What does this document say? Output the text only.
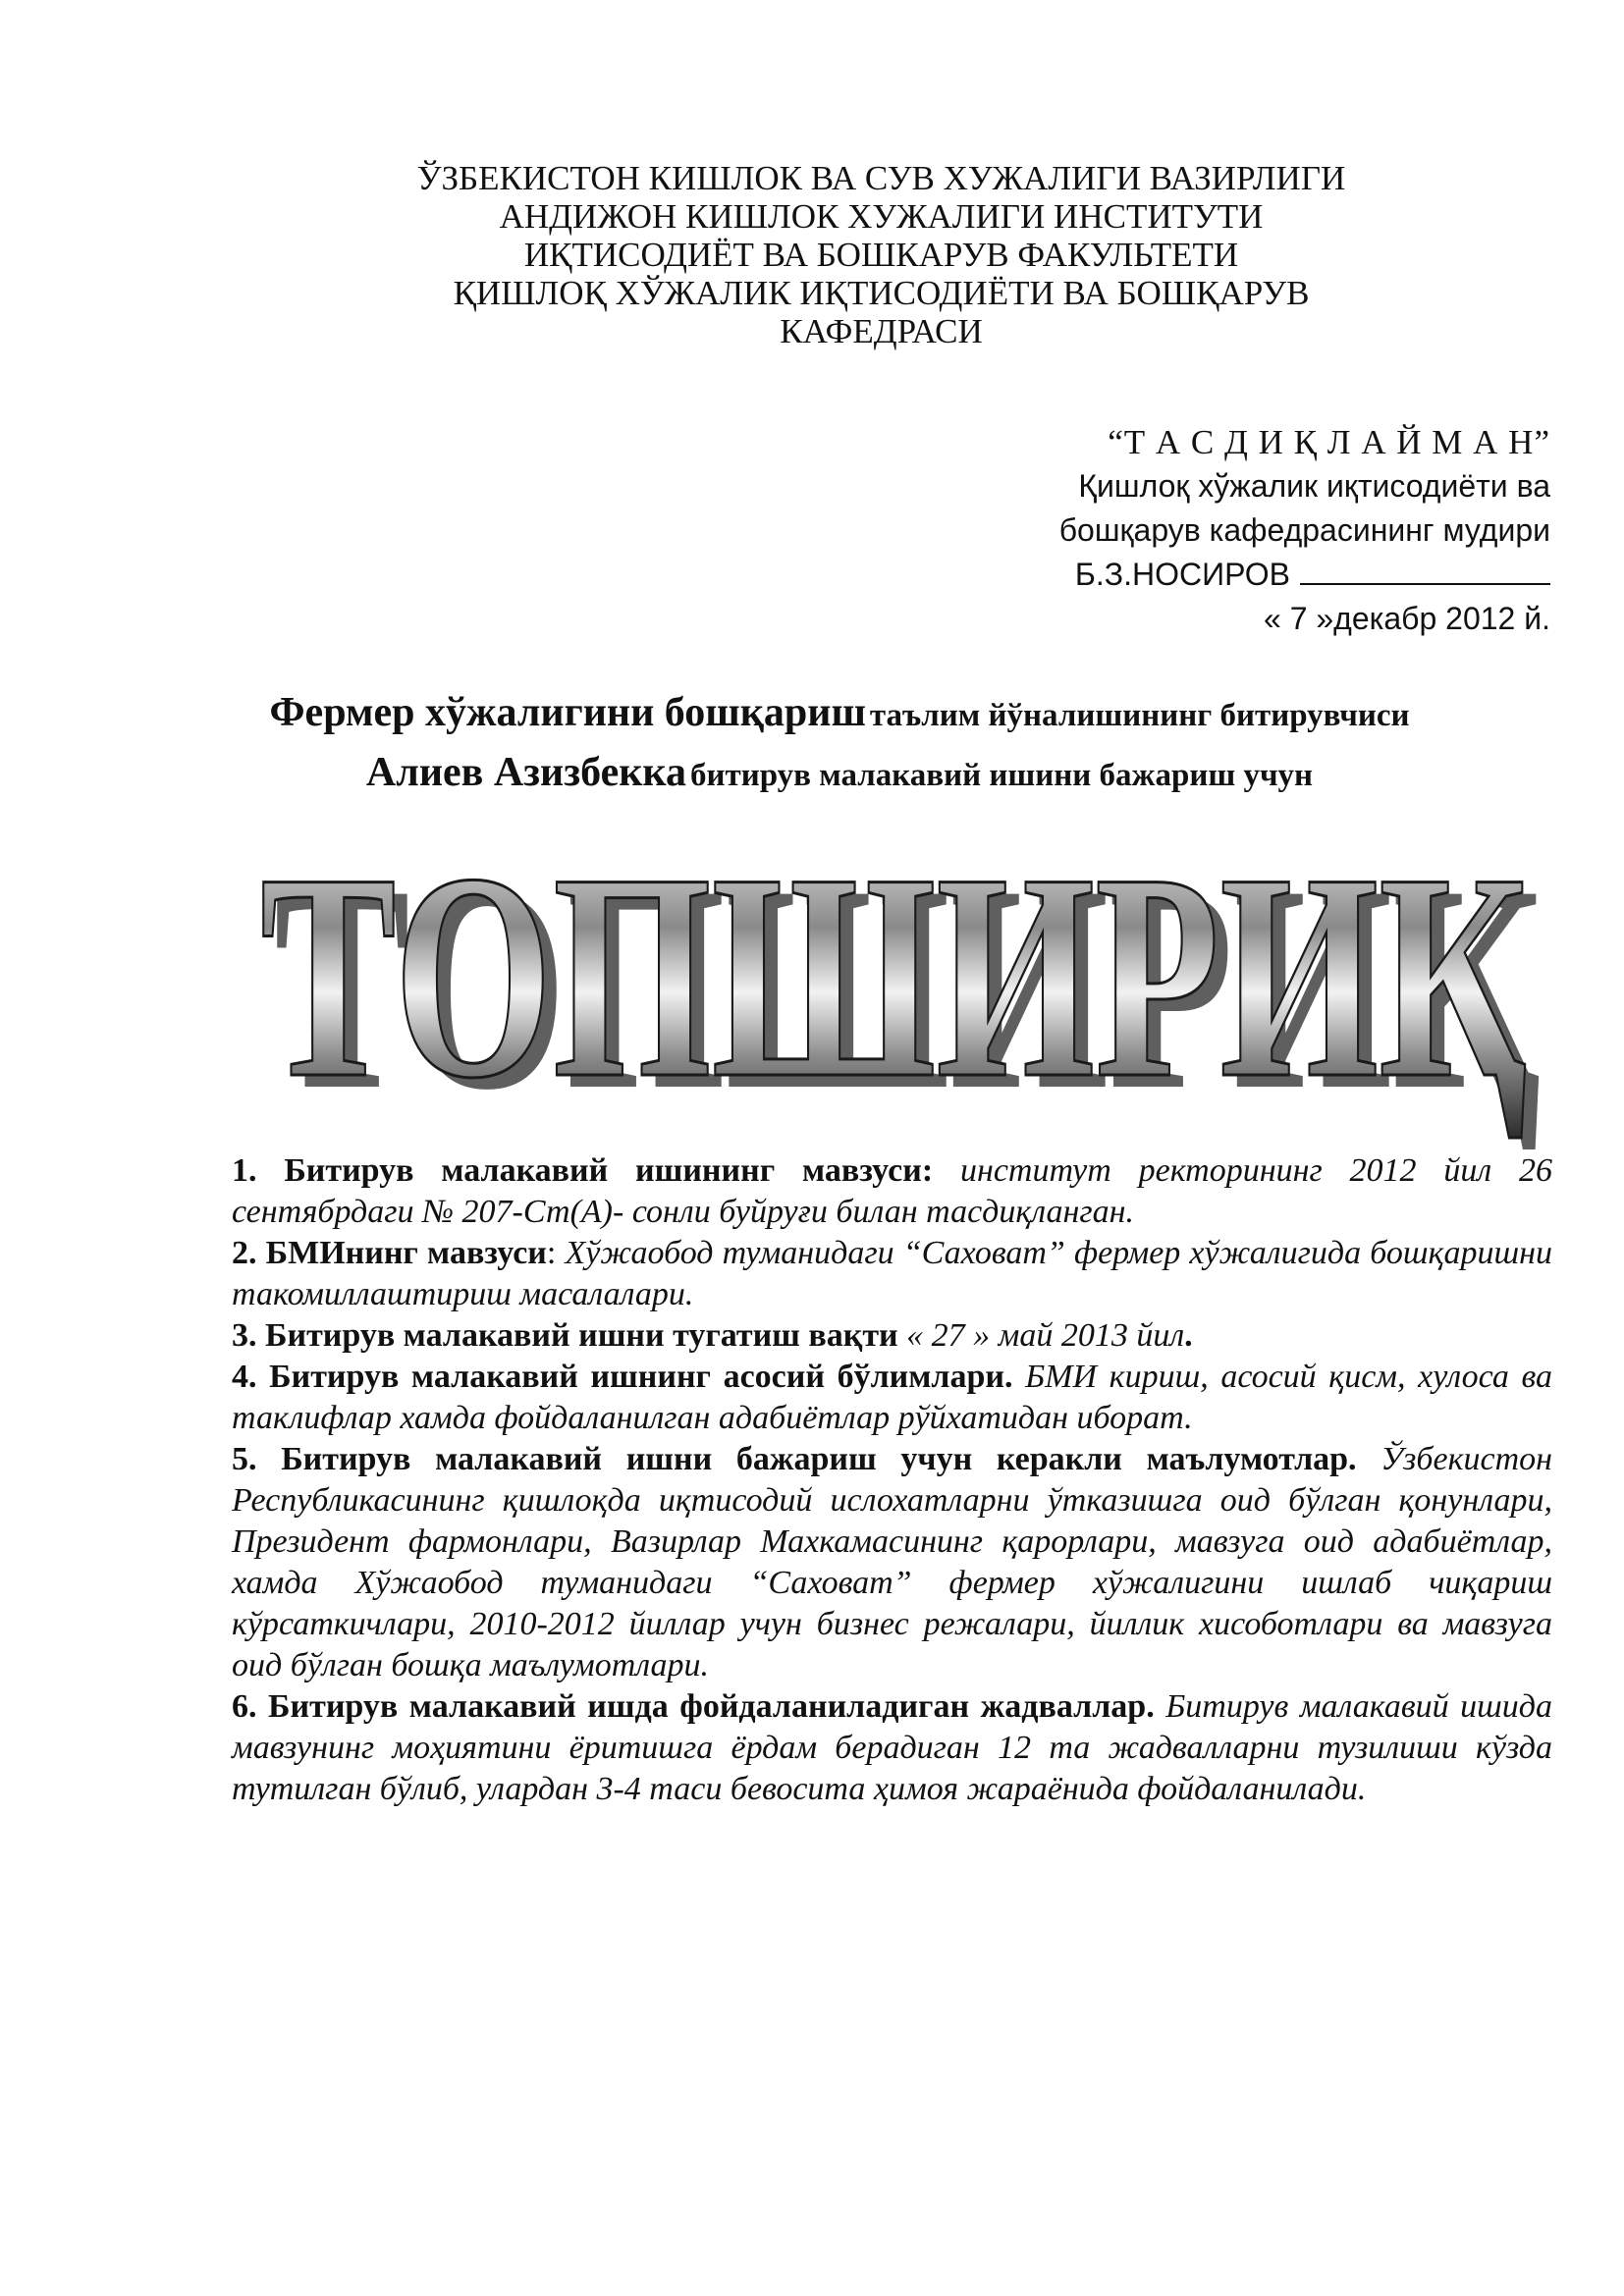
ЎЗБЕКИСТОН КИШЛОК ВА СУВ ХУЖАЛИГИ ВАЗИРЛИГИ
АНДИЖОН КИШЛОК ХУЖАЛИГИ ИНСТИТУТИ
ИҚТИСОДИЁТ ВА БОШКАРУВ ФАКУЛЬТЕТИ
ҚИШЛОҚ ХЎЖАЛИК ИҚТИСОДИЁТИ ВА БОШҚАРУВ
КАФЕДРАСИ
“Т А С Д И Қ Л А Й М А Н”
Қишлоқ хўжалик иқтисодиёти ва
бошқарув кафедрасининг мудири
Б.З.НОСИРОВ
« 7 »декабр 2012 й.
Фермер хўжалигини бошқариш таълим йўналишининг битирувчиси
Алиев Азизбекка битирув малакавий ишини бажариш учун
ТОПШИРИҚ
ТОПШИРИҚ

1. Битирув малакавий ишининг мавзуси: институт ректорининг 2012 йил 26 сентябрдаги № 207-Ст(А)- сонли буйруғи билан тасдиқланган.

2. БМИнинг мавзуси: Хўжаобод туманидаги “Саховат” фермер хўжалигида бошқаришни такомиллаштириш масалалари.

3. Битирув малакавий ишни тугатиш вақти « 27 » май 2013 йил.

4. Битирув малакавий ишнинг асосий бўлимлари. БМИ кириш, асосий қисм, хулоса ва таклифлар хамда фойдаланилган адабиётлар рўйхатидан иборат.

5. Битирув малакавий ишни бажариш учун керакли маълумотлар. Ўзбекистон Республикасининг қишлоқда иқтисодий ислохатларни ўтказишга оид бўлган қонунлари, Президент фармонлари, Вазирлар Махкамасининг қарорлари, мавзуга оид адабиётлар, хамда Хўжаобод туманидаги “Саховат” фермер хўжалигини ишлаб чиқариш кўрсаткичлари, 2010-2012 йиллар учун бизнес режалари, йиллик хисоботлари ва мавзуга оид бўлган бошқа маълумотлари.

6. Битирув малакавий ишда фойдаланиладиган жадваллар. Битирув малакавий ишида мавзунинг моҳиятини ёритишга ёрдам берадиган 12 та жадвалларни тузилиши кўзда тутилган бўлиб, улардан 3-4 таси бевосита ҳимоя жараёнида фойдаланилади.
